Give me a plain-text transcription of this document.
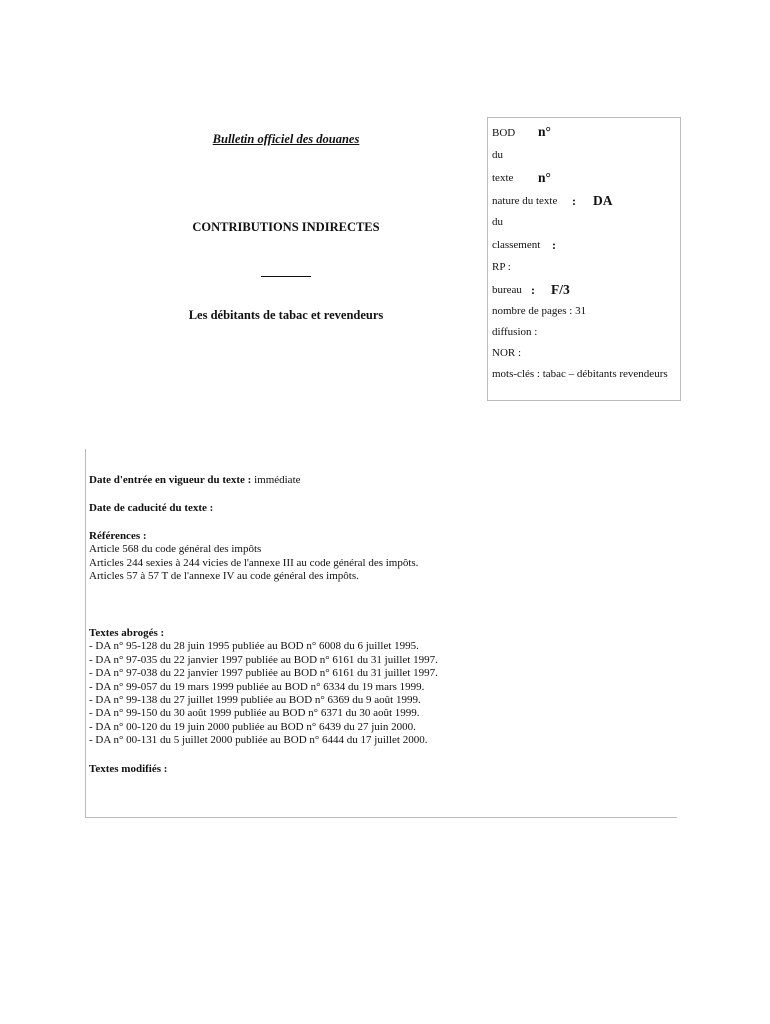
Bulletin officiel des douanes
CONTRIBUTIONS INDIRECTES
Les débitants de tabac et revendeurs
BOD n°
du
texte n°
nature du texte : DA
du
classement :
RP :
bureau : F/3
nombre de pages : 31
diffusion :
NOR :
mots-clés : tabac – débitants revendeurs
Date d'entrée en vigueur du texte : immédiate
Date de caducité du texte :
Références :
Article 568 du code général des impôts
Articles 244 sexies à 244 vicies de l'annexe III au code général des impôts.
Articles 57 à 57 T de l'annexe IV au code général des impôts.
Textes abrogés :
- DA n° 95-128 du 28 juin 1995 publiée au BOD n° 6008 du 6 juillet 1995.
- DA n° 97-035 du 22 janvier 1997 publiée au BOD n° 6161 du 31 juillet 1997.
- DA n° 97-038 du 22 janvier 1997 publiée au BOD n° 6161 du 31 juillet 1997.
- DA n° 99-057 du 19 mars 1999 publiée au BOD n° 6334 du 19 mars 1999.
- DA n° 99-138 du 27 juillet 1999 publiée au BOD n° 6369 du 9 août 1999.
- DA n° 99-150 du 30 août 1999 publiée au BOD n° 6371 du 30 août 1999.
- DA n° 00-120 du 19 juin 2000 publiée au BOD n° 6439 du 27 juin 2000.
- DA n° 00-131 du 5 juillet 2000 publiée au BOD n° 6444 du 17 juillet 2000.
Textes modifiés :
